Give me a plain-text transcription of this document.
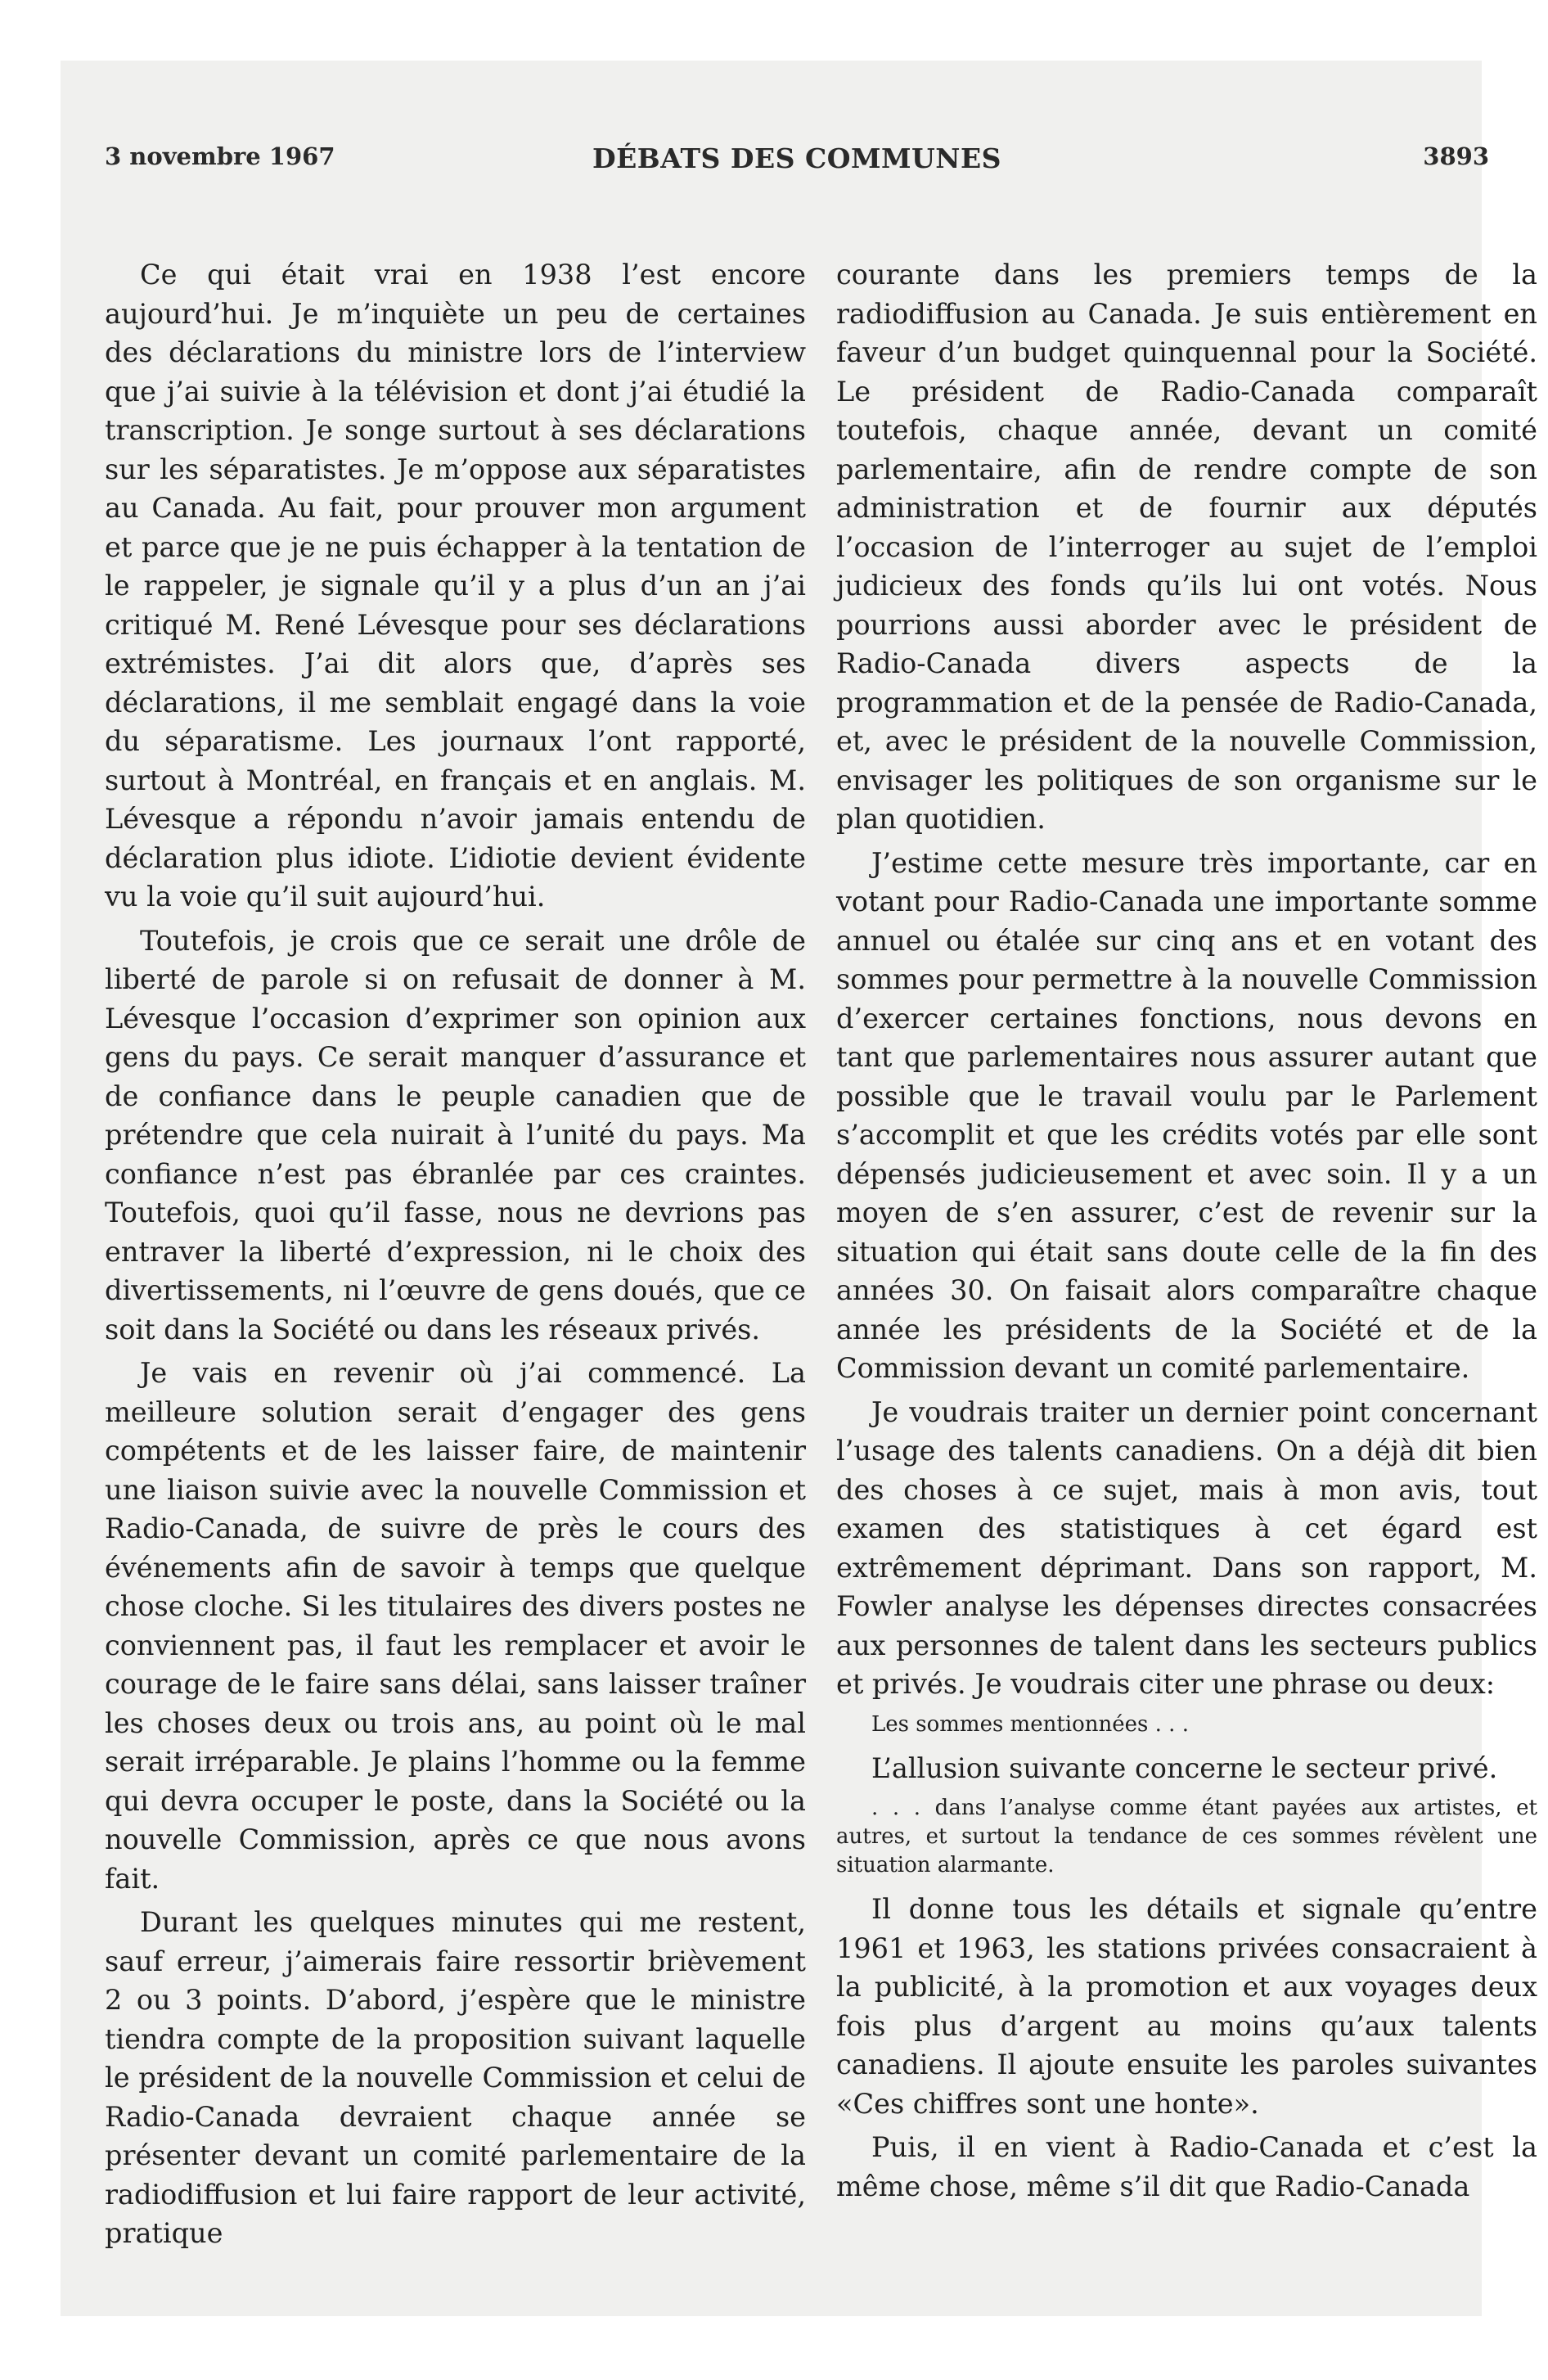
3 novembre 1967	DÉBATS DES COMMUNES	3893

Ce qui était vrai en 1938 l’est encore aujourd’hui. Je m’inquiète un peu de certaines des déclarations du ministre lors de l’interview que j’ai suivie à la télévision et dont j’ai étudié la transcription. Je songe surtout à ses déclarations sur les séparatistes. Je m’oppose aux séparatistes au Canada. Au fait, pour prouver mon argument et parce que je ne puis échapper à la tentation de le rappeler, je signale qu’il y a plus d’un an j’ai critiqué M. René Lévesque pour ses déclarations extrémistes. J’ai dit alors que, d’après ses déclarations, il me semblait engagé dans la voie du séparatisme. Les journaux l’ont rapporté, surtout à Montréal, en français et en anglais. M. Lévesque a répondu n’avoir jamais entendu de déclaration plus idiote. L’idiotie devient évidente vu la voie qu’il suit aujourd’hui.

Toutefois, je crois que ce serait une drôle de liberté de parole si on refusait de donner à M. Lévesque l’occasion d’exprimer son opinion aux gens du pays. Ce serait manquer d’assurance et de confiance dans le peuple canadien que de prétendre que cela nuirait à l’unité du pays. Ma confiance n’est pas ébranlée par ces craintes. Toutefois, quoi qu’il fasse, nous ne devrions pas entraver la liberté d’expression, ni le choix des divertissements, ni l’œuvre de gens doués, que ce soit dans la Société ou dans les réseaux privés.

Je vais en revenir où j’ai commencé. La meilleure solution serait d’engager des gens compétents et de les laisser faire, de maintenir une liaison suivie avec la nouvelle Commission et Radio-Canada, de suivre de près le cours des événements afin de savoir à temps que quelque chose cloche. Si les titulaires des divers postes ne conviennent pas, il faut les remplacer et avoir le courage de le faire sans délai, sans laisser traîner les choses deux ou trois ans, au point où le mal serait irréparable. Je plains l’homme ou la femme qui devra occuper le poste, dans la Société ou la nouvelle Commission, après ce que nous avons fait.

Durant les quelques minutes qui me restent, sauf erreur, j’aimerais faire ressortir brièvement 2 ou 3 points. D’abord, j’espère que le ministre tiendra compte de la proposition suivant laquelle le président de la nouvelle Commission et celui de Radio-Canada devraient chaque année se présenter devant un comité parlementaire de la radiodiffusion et lui faire rapport de leur activité, pratique

courante dans les premiers temps de la radiodiffusion au Canada. Je suis entièrement en faveur d’un budget quinquennal pour la Société. Le président de Radio-Canada comparaît toutefois, chaque année, devant un comité parlementaire, afin de rendre compte de son administration et de fournir aux députés l’occasion de l’interroger au sujet de l’emploi judicieux des fonds qu’ils lui ont votés. Nous pourrions aussi aborder avec le président de Radio-Canada divers aspects de la programmation et de la pensée de Radio-Canada, et, avec le président de la nouvelle Commission, envisager les politiques de son organisme sur le plan quotidien.

J’estime cette mesure très importante, car en votant pour Radio-Canada une importante somme annuel ou étalée sur cinq ans et en votant des sommes pour permettre à la nouvelle Commission d’exercer certaines fonctions, nous devons en tant que parlementaires nous assurer autant que possible que le travail voulu par le Parlement s’accomplit et que les crédits votés par elle sont dépensés judicieusement et avec soin. Il y a un moyen de s’en assurer, c’est de revenir sur la situation qui était sans doute celle de la fin des années 30. On faisait alors comparaître chaque année les présidents de la Société et de la Commission devant un comité parlementaire.

Je voudrais traiter un dernier point concernant l’usage des talents canadiens. On a déjà dit bien des choses à ce sujet, mais à mon avis, tout examen des statistiques à cet égard est extrêmement déprimant. Dans son rapport, M. Fowler analyse les dépenses directes consacrées aux personnes de talent dans les secteurs publics et privés. Je voudrais citer une phrase ou deux:

Les sommes mentionnées . . .

L’allusion suivante concerne le secteur privé.

. . . dans l’analyse comme étant payées aux artistes, et autres, et surtout la tendance de ces sommes révèlent une situation alarmante.

Il donne tous les détails et signale qu’entre 1961 et 1963, les stations privées consacraient à la publicité, à la promotion et aux voyages deux fois plus d’argent au moins qu’aux talents canadiens. Il ajoute ensuite les paroles suivantes «Ces chiffres sont une honte».

Puis, il en vient à Radio-Canada et c’est la même chose, même s’il dit que Radio-Canada
